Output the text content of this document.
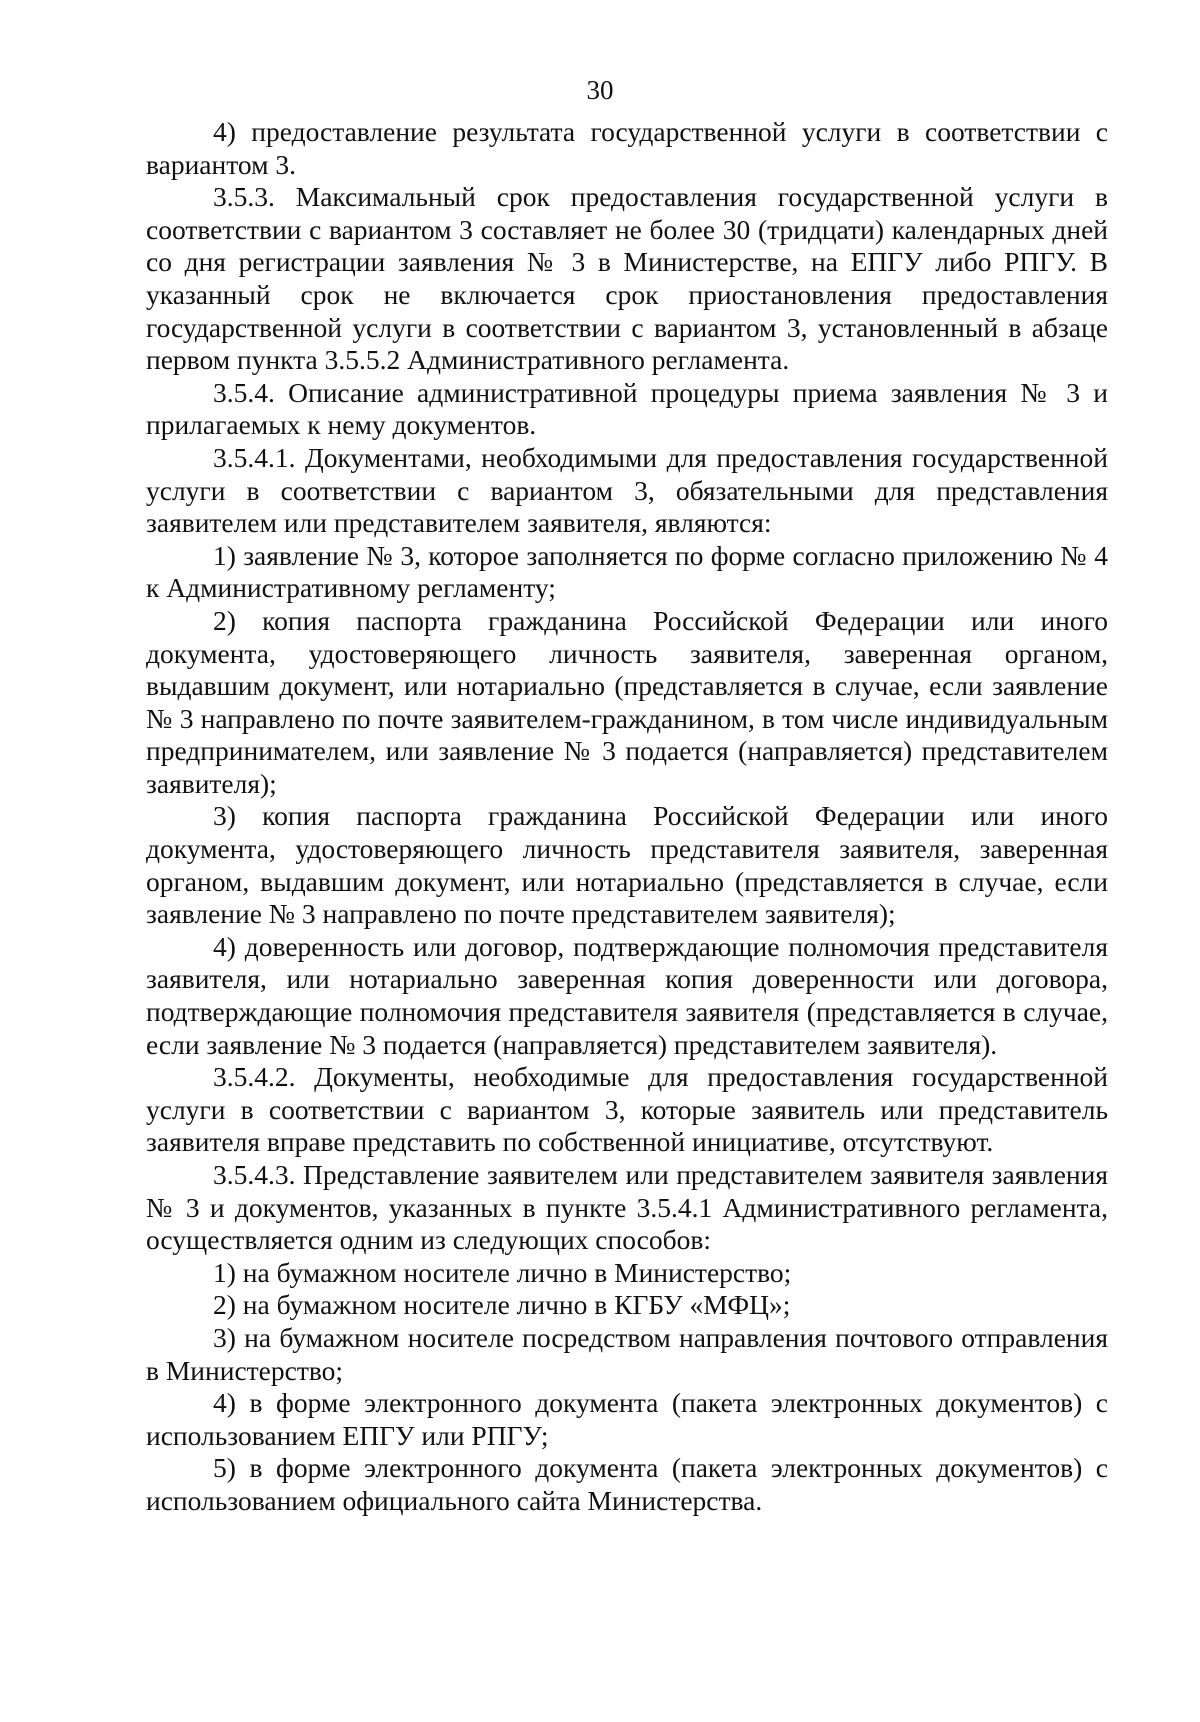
30

4) предоставление результата государственной услуги в соответствии с вариантом 3.

3.5.3. Максимальный срок предоставления государственной услуги в соответствии с вариантом 3 составляет не более 30 (тридцати) календарных дней со дня регистрации заявления № 3 в Министерстве, на ЕПГУ либо РПГУ. В указанный срок не включается срок приостановления предоставления государственной услуги в соответствии с вариантом 3, установленный в абзаце первом пункта 3.5.5.2 Административного регламента.

3.5.4. Описание административной процедуры приема заявления № 3 и прилагаемых к нему документов.

3.5.4.1. Документами, необходимыми для предоставления государственной услуги в соответствии с вариантом 3, обязательными для представления заявителем или представителем заявителя, являются:

1) заявление № 3, которое заполняется по форме согласно приложению № 4 к Административному регламенту;

2) копия паспорта гражданина Российской Федерации или иного документа, удостоверяющего личность заявителя, заверенная органом, выдавшим документ, или нотариально (представляется в случае, если заявление № 3 направлено по почте заявителем-гражданином, в том числе индивидуальным предпринимателем, или заявление № 3 подается (направляется) представителем заявителя);

3) копия паспорта гражданина Российской Федерации или иного документа, удостоверяющего личность представителя заявителя, заверенная органом, выдавшим документ, или нотариально (представляется в случае, если заявление № 3 направлено по почте представителем заявителя);

4) доверенность или договор, подтверждающие полномочия представителя заявителя, или нотариально заверенная копия доверенности или договора, подтверждающие полномочия представителя заявителя (представляется в случае, если заявление № 3 подается (направляется) представителем заявителя).

3.5.4.2. Документы, необходимые для предоставления государственной услуги в соответствии с вариантом 3, которые заявитель или представитель заявителя вправе представить по собственной инициативе, отсутствуют.

3.5.4.3. Представление заявителем или представителем заявителя заявления № 3 и документов, указанных в пункте 3.5.4.1 Административного регламента, осуществляется одним из следующих способов:

1) на бумажном носителе лично в Министерство;

2) на бумажном носителе лично в КГБУ «МФЦ»;

3) на бумажном носителе посредством направления почтового отправления в Министерство;

4) в форме электронного документа (пакета электронных документов) с использованием ЕПГУ или РПГУ;

5) в форме электронного документа (пакета электронных документов) с использованием официального сайта Министерства.
